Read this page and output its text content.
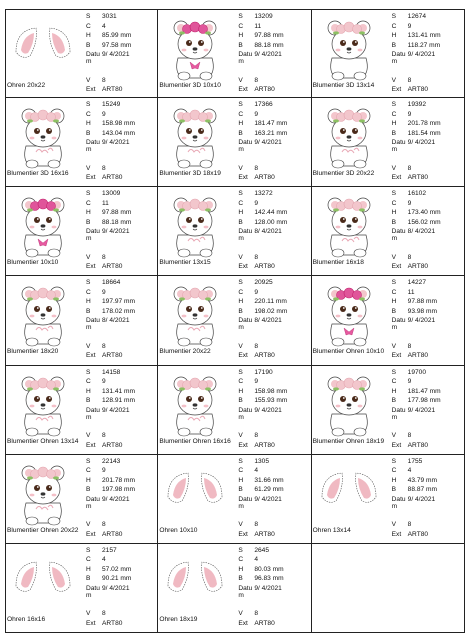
S 3031
C 4
H 85.99 mm
B 97.58 mm
Datu
m
9/ 4/2021
V 8
Ohren 20x22
Ext ART80
S 13209
C 11
H 97.88 mm
B 88.18 mm
Datu
m
9/ 4/2021
V 8
Blumentier 3D 10x10
Ext ART80
S 12674
C 9
H 131.41 mm
B 118.27 mm
Datu
m
9/ 4/2021
V 8
Blumentier 3D 13x14
Ext ART80
S 15249
C 9
H 158.98 mm
B 143.04 mm
Datu
m
9/ 4/2021
V 8
Blumentier 3D 16x16
Ext ART80
S 17366
C 9
H 181.47 mm
B 163.21 mm
Datu
m
9/ 4/2021
V 8
Blumentier 3D 18x19
Ext ART80
S 19392
C 9
H 201.78 mm
B 181.54 mm
Datu
m
9/ 4/2021
V 8
Blumentier 3D 20x22
Ext ART80
S 13009
C 11
H 97.88 mm
B 88.18 mm
Datu
m
9/ 4/2021
V 8
Blumentier 10x10
Ext ART80
S 13272
C 9
H 142.44 mm
B 128.00 mm
Datu
m
8/ 4/2021
V 8
Blumentier 13x15
Ext ART80
S 16102
C 9
H 173.40 mm
B 156.02 mm
Datu
m
8/ 4/2021
V 8
Blumentier 16x18
Ext ART80
S 18664
C 9
H 197.97 mm
B 178.02 mm
Datu
m
8/ 4/2021
V 8
Blumentier 18x20
Ext ART80
S 20925
C 9
H 220.11 mm
B 198.02 mm
Datu
m
8/ 4/2021
V 8
Blumentier 20x22
Ext ART80
S 14227
C 11
H 97.88 mm
B 93.98 mm
Datu
m
9/ 4/2021
V 8
Blumentier Ohren 10x10
Ext ART80
S 14158
C 9
H 131.41 mm
B 128.91 mm
Datu
m
9/ 4/2021
V 8
Blumentier Ohren 13x14
Ext ART80
S 17190
C 9
H 158.98 mm
B 155.93 mm
Datu
m
9/ 4/2021
V 8
Blumentier Ohren 16x16
Ext ART80
S 19700
C 9
H 181.47 mm
B 177.98 mm
Datu
m
9/ 4/2021
V 8
Blumentier Ohren 18x19
Ext ART80
S 22143
C 9
H 201.78 mm
B 197.98 mm
Datu
m
9/ 4/2021
V 8
Blumentier Ohren 20x22
Ext ART80
S 1305
C 4
H 31.66 mm
B 61.29 mm
Datu
m
9/ 4/2021
V 8
Ohren 10x10
Ext ART80
S 1755
C 4
H 43.79 mm
B 88.87 mm
Datu
m
9/ 4/2021
V 8
Ohren 13x14
Ext ART80
S 2157
C 4
H 57.02 mm
B 90.21 mm
Datu
m
9/ 4/2021
V 8
Ohren 16x16
Ext ART80
S 2645
C 4
H 80.03 mm
B 96.83 mm
Datu
m
9/ 4/2021
V 8
Ohren 18x19
Ext ART80
